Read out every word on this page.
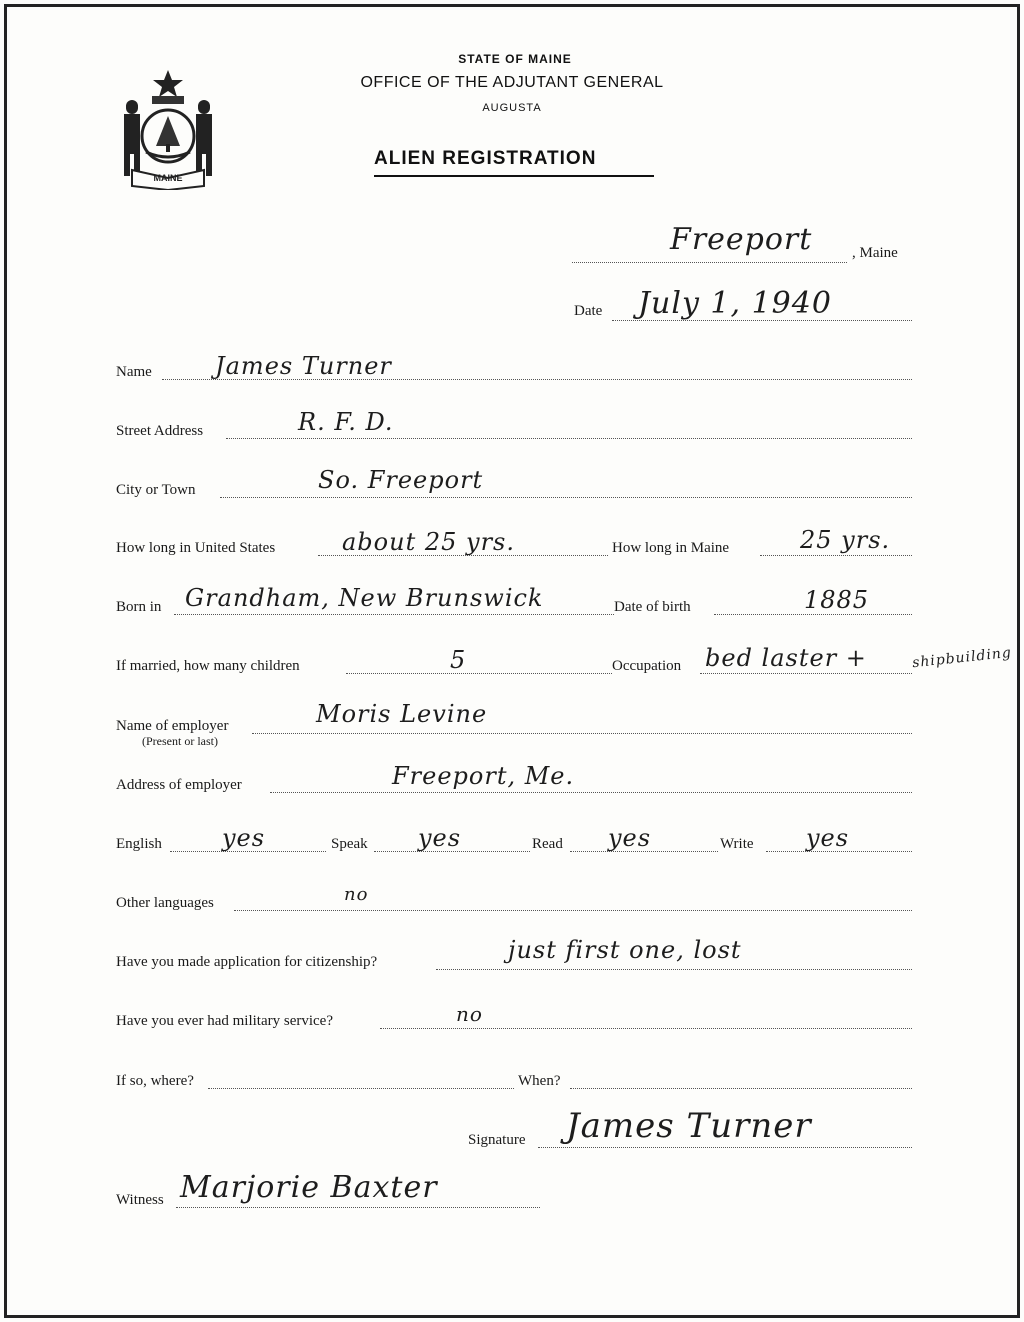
MAINE
STATE OF MAINE
OFFICE OF THE ADJUTANT GENERAL
AUGUSTA
ALIEN REGISTRATION
Freeport	, Maine
Date July 1, 1940
Name	James Turner
Street Address	R. F. D.
City or Town	So. Freeport
How long in United States	about 25 yrs.	How long in Maine	25 yrs.
Born in Grandham, New Brunswick	Date of birth	1885
If married, how many children	5	Occupation bed laster +	shipbuilding
Name of employer
(Present or last)
Moris Levine
Address of employer	Freeport, Me.
English	yes	Speak yes	Read yes	Write yes
Other languages	no
Have you made application for citizenship?	just first one, lost
Have you ever had military service?	no
If so, where?	When?
Signature James Turner
Witness Marjorie Baxter
